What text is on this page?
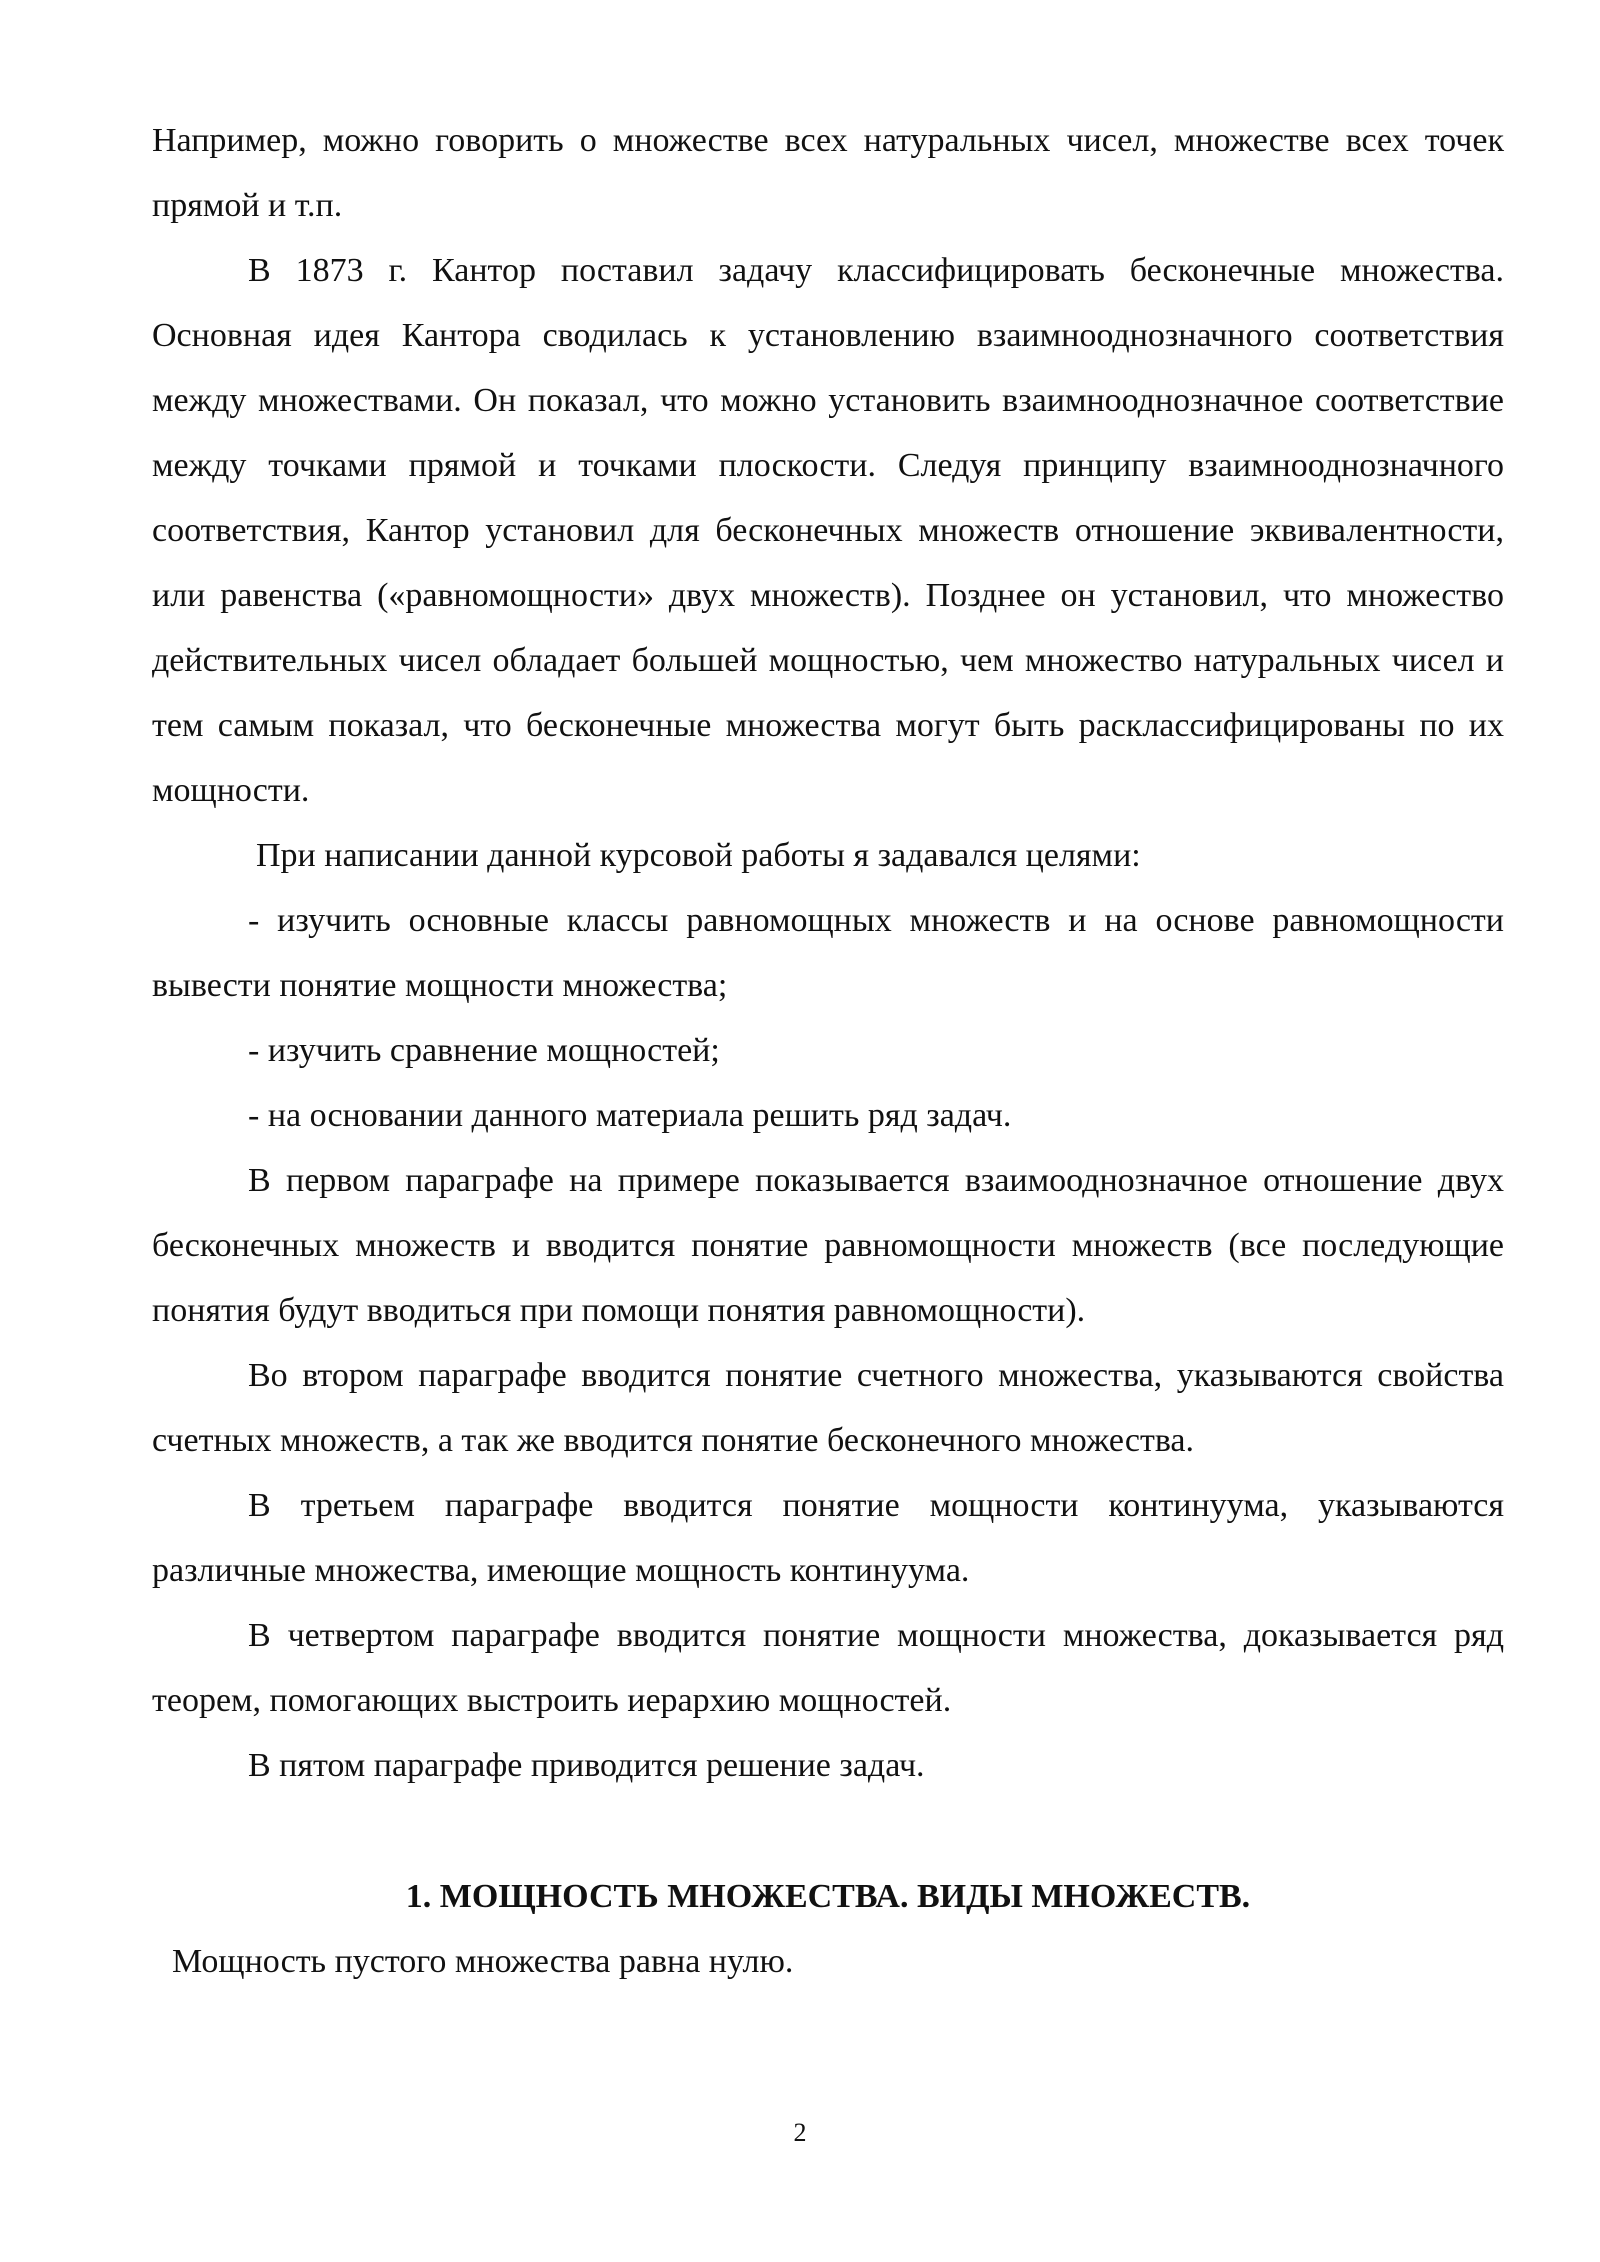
Например, можно говорить о множестве всех натуральных чисел, множестве всех точек прямой и т.п.

В 1873 г. Кантор поставил задачу классифицировать бесконечные множества. Основная идея Кантора сводилась к установлению взаимнооднозначного соответствия между множествами. Он показал, что можно установить взаимнооднозначное соответствие между точками прямой и точками плоскости. Следуя принципу взаимнооднозначного соответствия, Кантор установил для бесконечных множеств отношение эквивалентности, или равенства («равномощности» двух множеств). Позднее он установил, что множество действительных чисел обладает большей мощностью, чем множество натуральных чисел и тем самым показал, что бесконечные множества могут быть расклассифицированы по их мощности.

При написании данной курсовой работы я задавался целями:

- изучить основные классы равномощных множеств и на основе равномощности вывести понятие мощности множества;

- изучить сравнение мощностей;

- на основании данного материала решить ряд задач.

В первом параграфе на примере показывается взаимооднозначное отношение двух бесконечных множеств и вводится понятие равномощности множеств (все последующие понятия будут вводиться при помощи понятия равномощности).

Во втором параграфе вводится понятие счетного множества, указываются свойства счетных множеств, а так же вводится понятие бесконечного множества.

В третьем параграфе вводится понятие мощности континуума, указываются различные множества, имеющие мощность континуума.

В четвертом параграфе вводится понятие мощности множества, доказывается ряд теорем, помогающих выстроить иерархию мощностей.

В пятом параграфе приводится решение задач.

1. МОЩНОСТЬ МНОЖЕСТВА. ВИДЫ МНОЖЕСТВ.

Мощность пустого множества равна нулю.

2
